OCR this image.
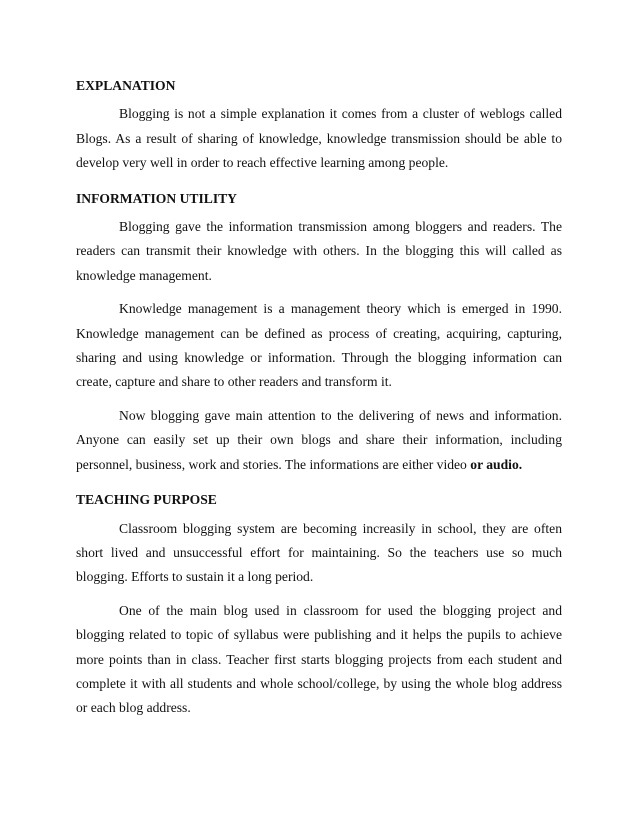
EXPLANATION

Blogging is not a simple explanation it comes from a cluster of weblogs called Blogs. As a result of sharing of knowledge, knowledge transmission should be able to develop very well in order to reach effective learning among people.

INFORMATION UTILITY

Blogging gave the information transmission among bloggers and readers. The readers can transmit their knowledge with others. In the blogging this will called as knowledge management.

Knowledge management is a management theory which is emerged in 1990. Knowledge management can be defined as process of creating, acquiring, capturing, sharing and using knowledge or information. Through the blogging information can create, capture and share to other readers and transform it.

Now blogging gave main attention to the delivering of news and information. Anyone can easily set up their own blogs and share their information, including personnel, business, work and stories. The informations are either video or audio.

TEACHING PURPOSE

Classroom blogging system are becoming increasily in school, they are often short lived and unsuccessful effort for maintaining. So the teachers use so much blogging. Efforts to sustain it a long period.

One of the main blog used in classroom for used the blogging project and blogging related to topic of syllabus were publishing and it helps the pupils to achieve more points than in class. Teacher first starts blogging projects from each student and complete it with all students and whole school/college, by using the whole blog address or each blog address.
